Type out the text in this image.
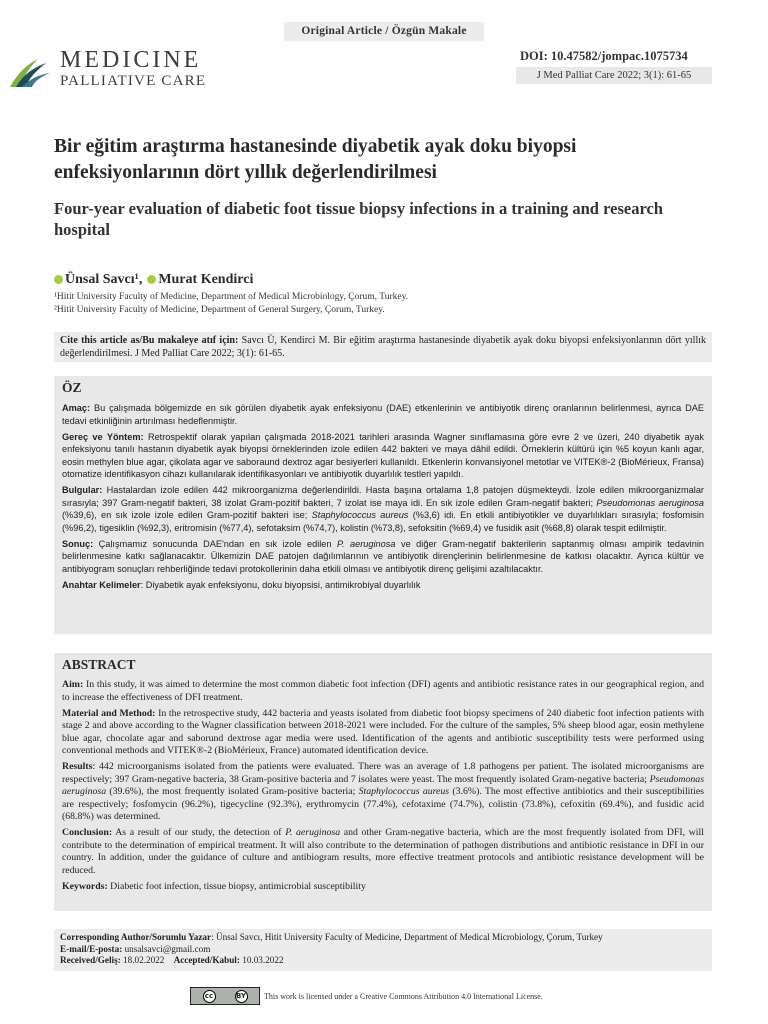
Original Article / Özgün Makale
MEDICINE
PALLIATIVE CARE
DOI: 10.47582/jompac.1075734
J Med Palliat Care 2022; 3(1): 61-65
Bir eğitim araştırma hastanesinde diyabetik ayak doku biyopsi enfeksiyonlarının dört yıllık değerlendirilmesi
Four-year evaluation of diabetic foot tissue biopsy infections in a training and research hospital
Ünsal Savcı¹, Murat Kendirci
¹Hitit University Faculty of Medicine, Department of Medical Microbiology, Çorum, Turkey.
²Hitit University Faculty of Medicine, Department of General Surgery, Çorum, Turkey.
Cite this article as/Bu makaleye atıf için: Savcı Ü, Kendirci M. Bir eğitim araştırma hastanesinde diyabetik ayak doku biyopsi enfeksiyonlarının dört yıllık değerlendirilmesi. J Med Palliat Care 2022; 3(1): 61-65.
ÖZ

Amaç: Bu çalışmada bölgemizde en sık görülen diyabetik ayak enfeksiyonu (DAE) etkenlerinin ve antibiyotik direnç oranlarının belirlenmesi, ayrıca DAE tedavi etkinliğinin artırılması hedeflenmiştir.

Gereç ve Yöntem: Retrospektif olarak yapılan çalışmada 2018-2021 tarihleri arasında Wagner sınıflamasına göre evre 2 ve üzeri, 240 diyabetik ayak enfeksiyonu tanılı hastanın diyabetik ayak biyopsi örneklerinden izole edilen 442 bakteri ve maya dâhil edildi. Örneklerin kültürü için %5 koyun kanlı agar, eosin methylen blue agar, çikolata agar ve saboraund dextroz agar besiyerleri kullanıldı. Etkenlerin konvansiyonel metotlar ve VITEK®-2 (BioMérieux, Fransa) otomatize identifikasyon cihazı kullanılarak identifikasyonları ve antibiyotik duyarlılık testleri yapıldı.

Bulgular: Hastalardan izole edilen 442 mikroorganizma değerlendirildi. Hasta başına ortalama 1,8 patojen düşmekteydi. İzole edilen mikroorganizmalar sırasıyla; 397 Gram-negatif bakteri, 38 izolat Gram-pozitif bakteri, 7 izolat ise maya idi. En sık izole edilen Gram-negatif bakteri; Pseudomonas aeruginosa (%39,6), en sık izole izole edilen Gram-pozitif bakteri ise; Staphylococcus aureus (%3,6) idi. En etkili antibiyotikler ve duyarlılıkları sırasıyla; fosfomisin (%96,2), tigesiklin (%92,3), eritromisin (%77,4), sefotaksim (%74,7), kolistin (%73,8), sefoksitin (%69,4) ve fusidik asit (%68,8) olarak tespit edilmiştir.

Sonuç: Çalışmamız sonucunda DAE'ndan en sık izole edilen P. aeruginosa ve diğer Gram-negatif bakterilerin saptanmış olması ampirik tedavinin belirlenmesine katkı sağlanacaktır. Ülkemizin DAE patojen dağılımlarının ve antibiyotik dirençlerinin belirlenmesine de katkısı olacaktır. Ayrıca kültür ve antibiyogram sonuçları rehberliğinde tedavi protokollerinin daha etkili olması ve antibiyotik direnç gelişimi azaltılacaktır.

Anahtar Kelimeler: Diyabetik ayak enfeksiyonu, doku biyopsisi, antimikrobiyal duyarlılık

ABSTRACT

Aim: In this study, it was aimed to determine the most common diabetic foot infection (DFI) agents and antibiotic resistance rates in our geographical region, and to increase the effectiveness of DFI treatment.

Material and Method: In the retrospective study, 442 bacteria and yeasts isolated from diabetic foot biopsy specimens of 240 diabetic foot infection patients with stage 2 and above according to the Wagner classification between 2018-2021 were included. For the culture of the samples, 5% sheep blood agar, eosin methylene blue agar, chocolate agar and saborund dextrose agar media were used. Identification of the agents and antibiotic susceptibility tests were performed using conventional methods and VITEK®-2 (BioMérieux, France) automated identification device.

Results: 442 microorganisms isolated from the patients were evaluated. There was an average of 1.8 pathogens per patient. The isolated microorganisms are respectively; 397 Gram-negative bacteria, 38 Gram-positive bacteria and 7 isolates were yeast. The most frequently isolated Gram-negative bacteria; Pseudomonas aeruginosa (39.6%), the most frequently isolated Gram-positive bacteria; Staphylococcus aureus (3.6%). The most effective antibiotics and their susceptibilities are respectively; fosfomycin (96.2%), tigecycline (92.3%), erythromycin (77.4%), cefotaxime (74.7%), colistin (73.8%), cefoxitin (69.4%), and fusidic acid (68.8%) was determined.

Conclusion: As a result of our study, the detection of P. aeruginosa and other Gram-negative bacteria, which are the most frequently isolated from DFI, will contribute to the determination of empirical treatment. It will also contribute to the determination of pathogen distributions and antibiotic resistance in DFI in our country. In addition, under the guidance of culture and antibiogram results, more effective treatment protocols and antibiotic resistance development will be reduced.

Keywords: Diabetic foot infection, tissue biopsy, antimicrobial susceptibility

Corresponding Author/Sorumlu Yazar: Ünsal Savcı, Hitit University Faculty of Medicine, Department of Medical Microbiology, Çorum, Turkey
E-mail/E-posta: unsalsavci@gmail.com
Received/Geliş: 18.02.2022 Accepted/Kabul: 10.03.2022
cc	BY This work is licensed under a Creative Commons Attribution 4.0 International License.
